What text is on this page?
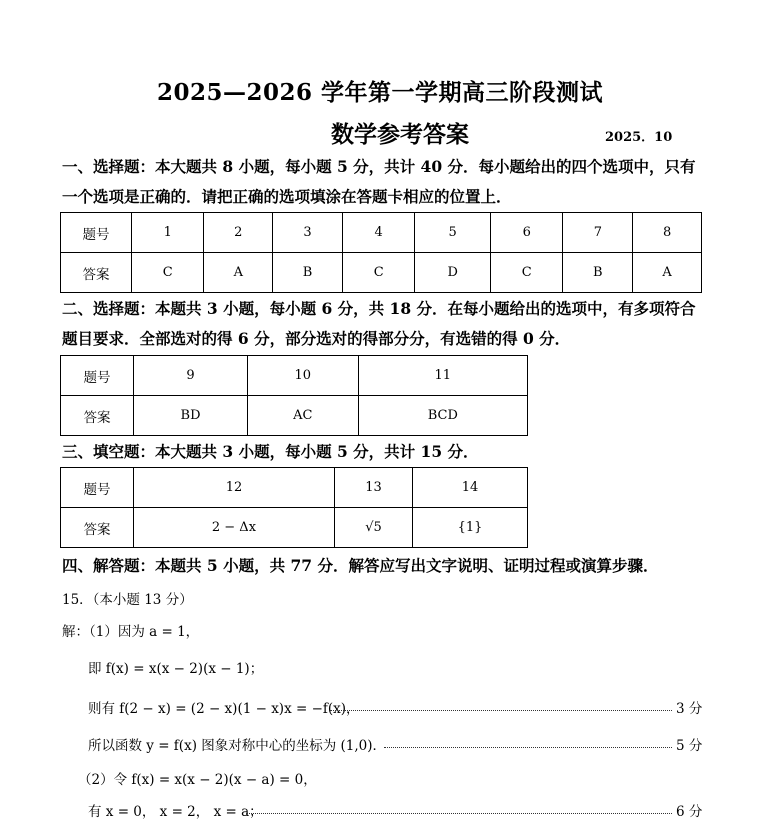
2025—2026 学年第一学期高三阶段测试
数学参考答案	2025．10
一、选择题：本大题共 8 小题，每小题 5 分，共计 40 分．每小题给出的四个选项中，只有
一个选项是正确的．请把正确的选项填涂在答题卡相应的位置上．
题号	1	2	3	4	5	6	7	8
答案	C	A	B	C	D	C	B	A
二、选择题：本题共 3 小题，每小题 6 分，共 18 分．在每小题给出的选项中，有多项符合
题目要求．全部选对的得 6 分，部分选对的得部分分，有选错的得 0 分．
题号	9	10	11
答案	BD	AC	BCD
三、填空题：本大题共 3 小题，每小题 5 分，共计 15 分．
题号	12	13	14
答案	2 − Δx	√5	{1}
四、解答题：本题共 5 小题，共 77 分．解答应写出文字说明、证明过程或演算步骤．
15．（本小题 13 分）
解：（1）因为 a = 1，
即 f(x) = x(x − 2)(x − 1)；
则有 f(2 − x) = (2 − x)(1 − x)x = −f(x)，	3 分
所以函数 y = f(x) 图象对称中心的坐标为 (1,0)．	5 分
（2）令 f(x) = x(x − 2)(x − a) = 0，
有 x = 0， x = 2， x = a；	6 分
